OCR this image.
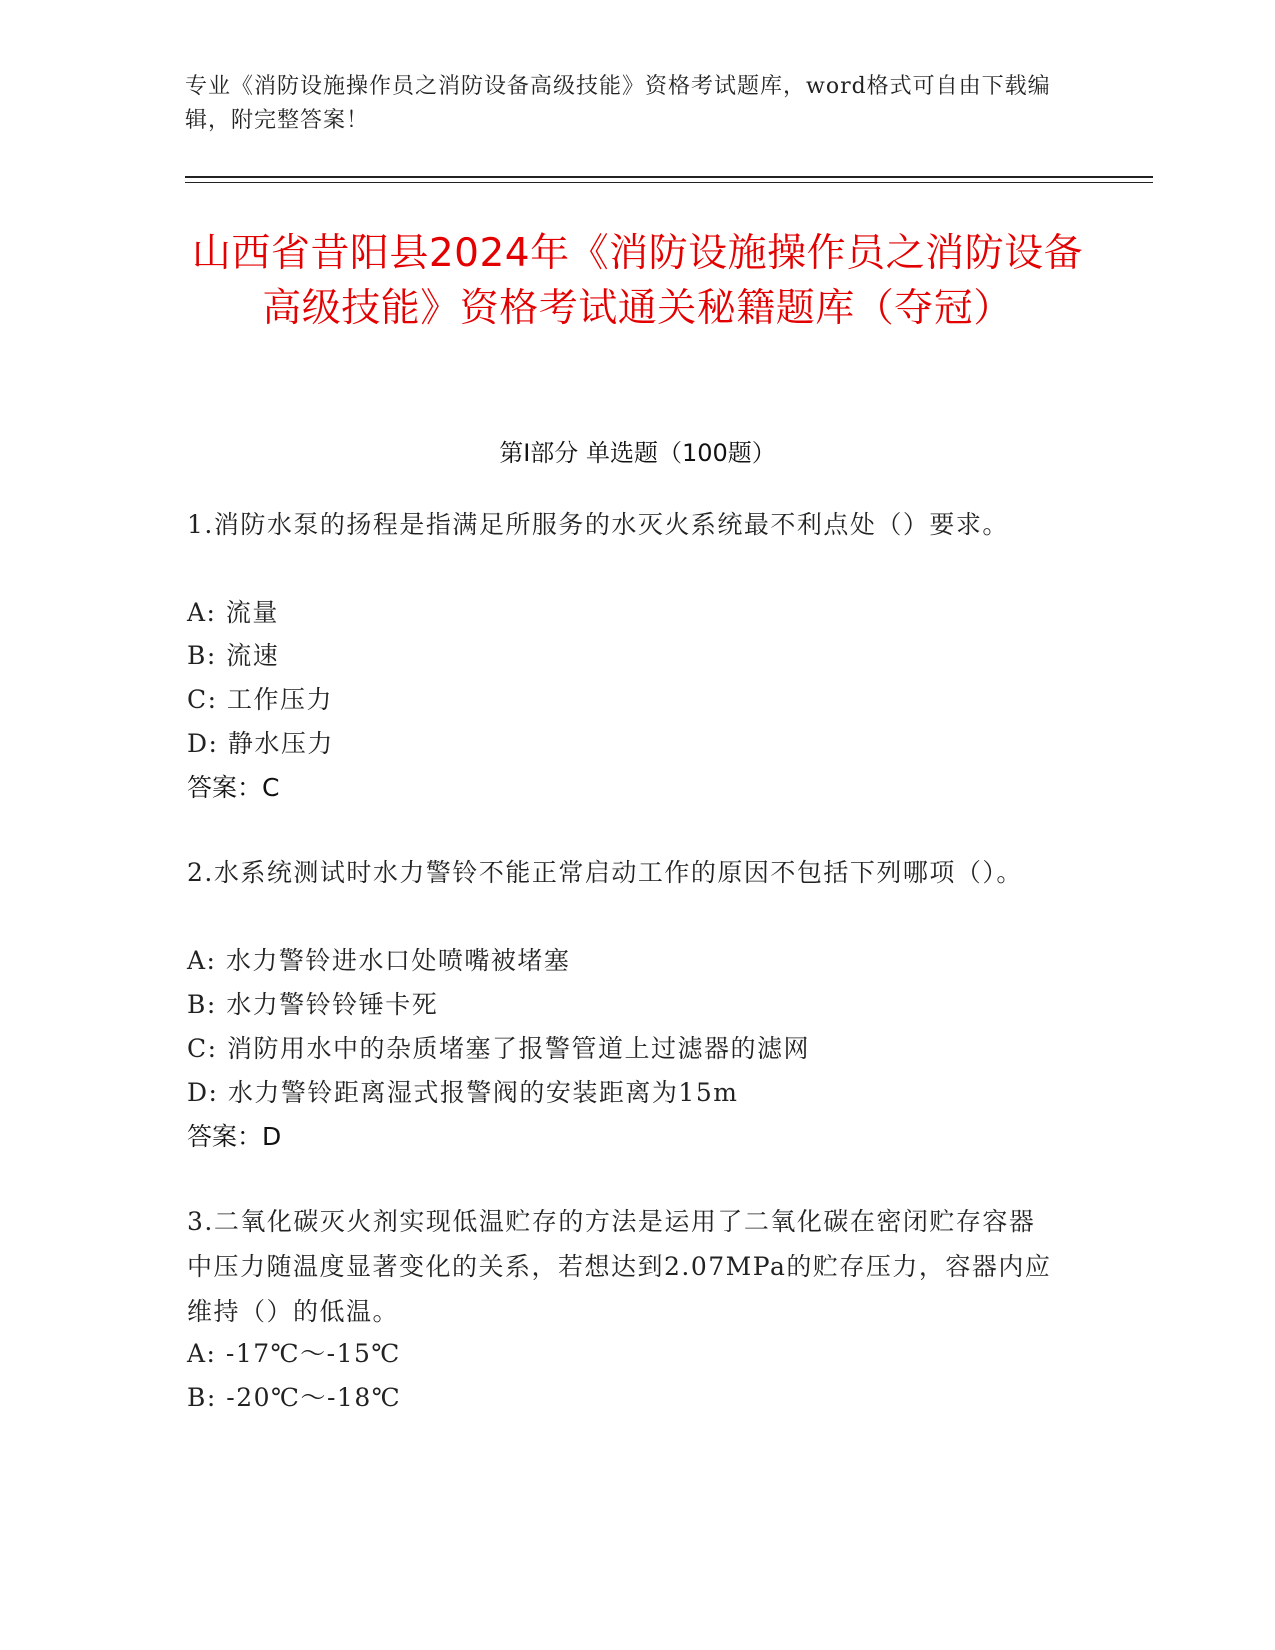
专业《消防设施操作员之消防设备高级技能》资格考试题库，word格式可自由下载编辑，附完整答案！
山西省昔阳县2024年《消防设施操作员之消防设备高级技能》资格考试通关秘籍题库（夺冠）
第I部分 单选题（100题）
1.消防水泵的扬程是指满足所服务的水灭火系统最不利点处（）要求。
A: 流量
B: 流速
C: 工作压力
D: 静水压力
答案：C
2.水系统测试时水力警铃不能正常启动工作的原因不包括下列哪项（）。
A: 水力警铃进水口处喷嘴被堵塞
B: 水力警铃铃锤卡死
C: 消防用水中的杂质堵塞了报警管道上过滤器的滤网
D: 水力警铃距离湿式报警阀的安装距离为15m
答案：D
3.二氧化碳灭火剂实现低温贮存的方法是运用了二氧化碳在密闭贮存容器中压力随温度显著变化的关系，若想达到2.07MPa的贮存压力，容器内应维持（）的低温。
A: -17℃～-15℃
B: -20℃～-18℃
